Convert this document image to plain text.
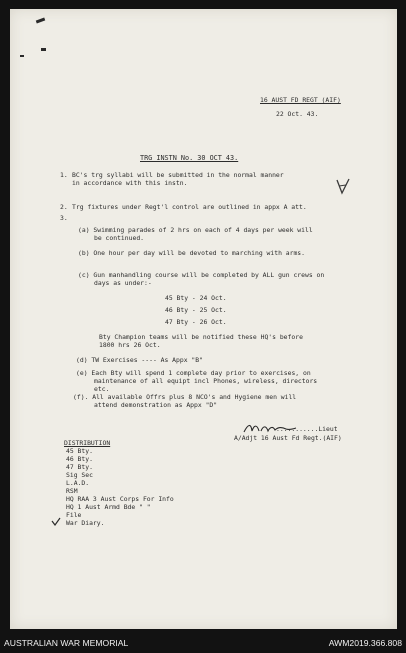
16 AUST FD REGT (AIF)

22 Oct. 43.

TRG INSTN No. 30 OCT 43.

1. BC's trg syllabi will be submitted in the normal manner

in accordance with this instn.

2. Trg fixtures under Regt'l control are outlined in appx A att.

3.

(a) Swimming parades of 2 hrs on each of 4 days per week will

be continued.

(b) One hour per day will be devoted to marching with arms.

(c) Gun manhandling course will be completed by ALL gun crews on

days as under:-

45 Bty - 24 Oct.

46 Bty - 25 Oct.

47 Bty - 26 Oct.

Bty Champion teams will be notified these HQ's before

1800 hrs 26 Oct.

(d) TW Exercises ---- As Appx "B"

(e) Each Bty will spend 1 complete day prior to exercises, on

maintenance of all equipt incl Phones, wireless, directors

etc.

(f). All available Offrs plus 8 NCO's and Hygiene men will

attend demonstration as Appx "D"

...........Lieut

A/Adjt 16 Aust Fd Regt.(AIF)

DISTRIBUTION

45 Bty.

46 Bty.

47 Bty.

Sig Sec

L.A.D.

RSM

HQ RAA 3 Aust Corps For Info

HQ 1 Aust Armd Bde " "

File

War Diary.

AUSTRALIAN WAR MEMORIAL	AWM2019.366.808
